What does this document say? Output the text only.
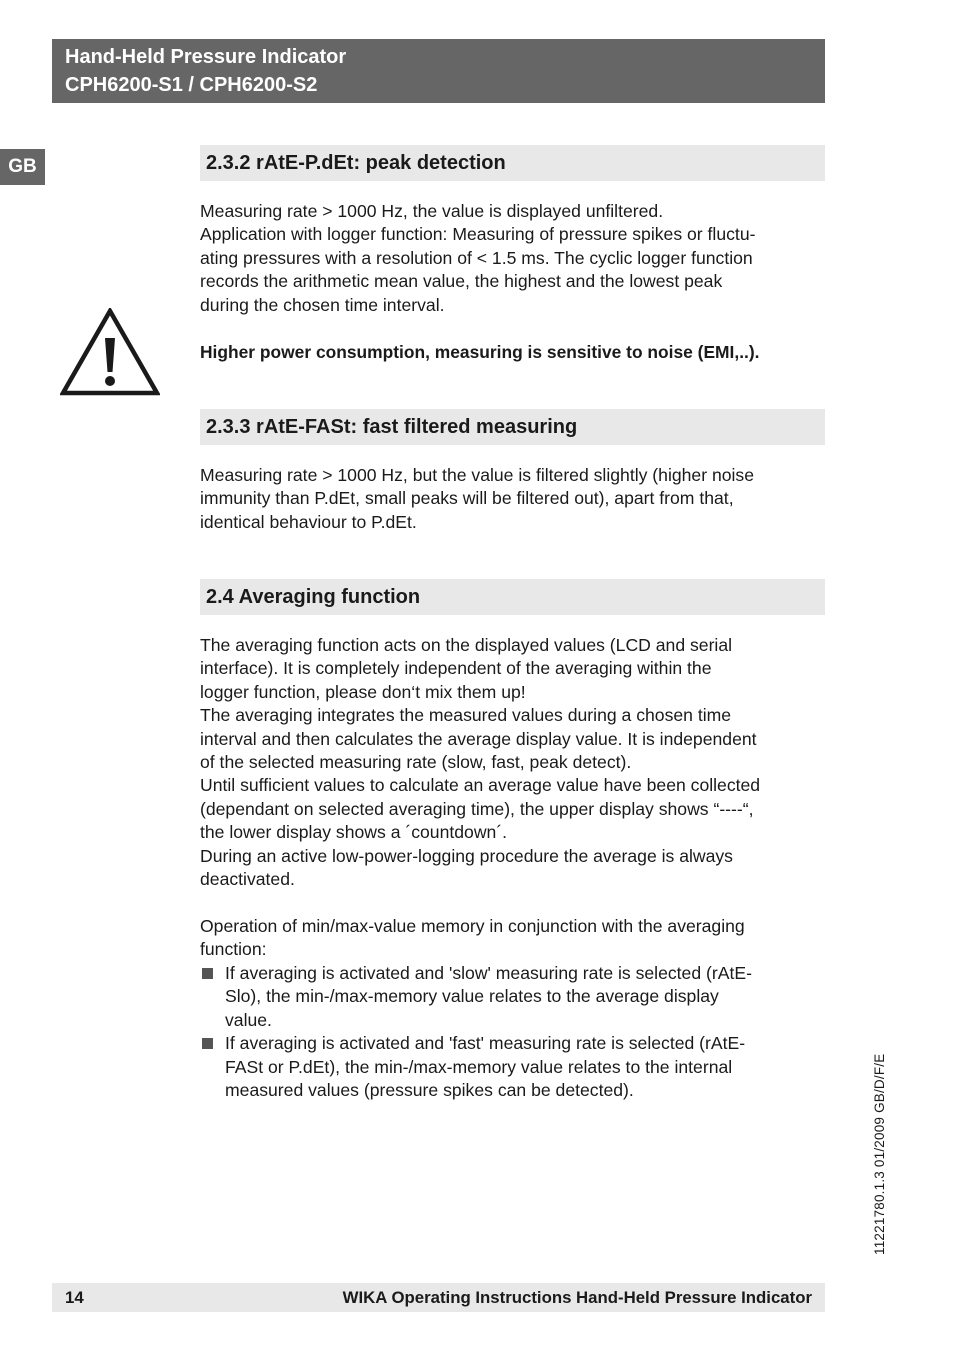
Hand-Held Pressure Indicator
CPH6200-S1 / CPH6200-S2
GB	2.3.2 rAtE-P.dEt: peak detection

Measuring rate > 1000 Hz, the value is displayed unfiltered.
Application with logger function: Measuring of pressure spikes or fluctu-
ating pressures with a resolution of < 1.5 ms. The cyclic logger function
records the arithmetic mean value, the highest and the lowest peak
during the chosen time interval.

Higher power consumption, measuring is sensitive to noise (EMI,..).
2.3.3 rAtE-FASt: fast filtered measuring

Measuring rate > 1000 Hz, but the value is filtered slightly (higher noise
immunity than P.dEt, small peaks will be filtered out), apart from that,
identical behaviour to P.dEt.

2.4 Averaging function

The averaging function acts on the displayed values (LCD and serial
interface). It is completely independent of the averaging within the
logger function, please don‘t mix them up!
The averaging integrates the measured values during a chosen time
interval and then calculates the average display value. It is independent
of the selected measuring rate (slow, fast, peak detect).
Until sufficient values to calculate an average value have been collected
(dependant on selected averaging time), the upper display shows “----“,
the lower display shows a ´countdown´.
During an active low-power-logging procedure the average is always
deactivated.

Operation of min/max-value memory in conjunction with the averaging
function:

If averaging is activated and 'slow' measuring rate is selected (rAtE-
Slo), the min-/max-memory value relates to the average display
value.
If averaging is activated and 'fast' measuring rate is selected (rAtE-
FASt or P.dEt), the min-/max-memory value relates to the internal
measured values (pressure spikes can be detected).	11221780.1.3 01/2009 GB/D/F/E
14	WIKA Operating Instructions Hand-Held Pressure Indicator
